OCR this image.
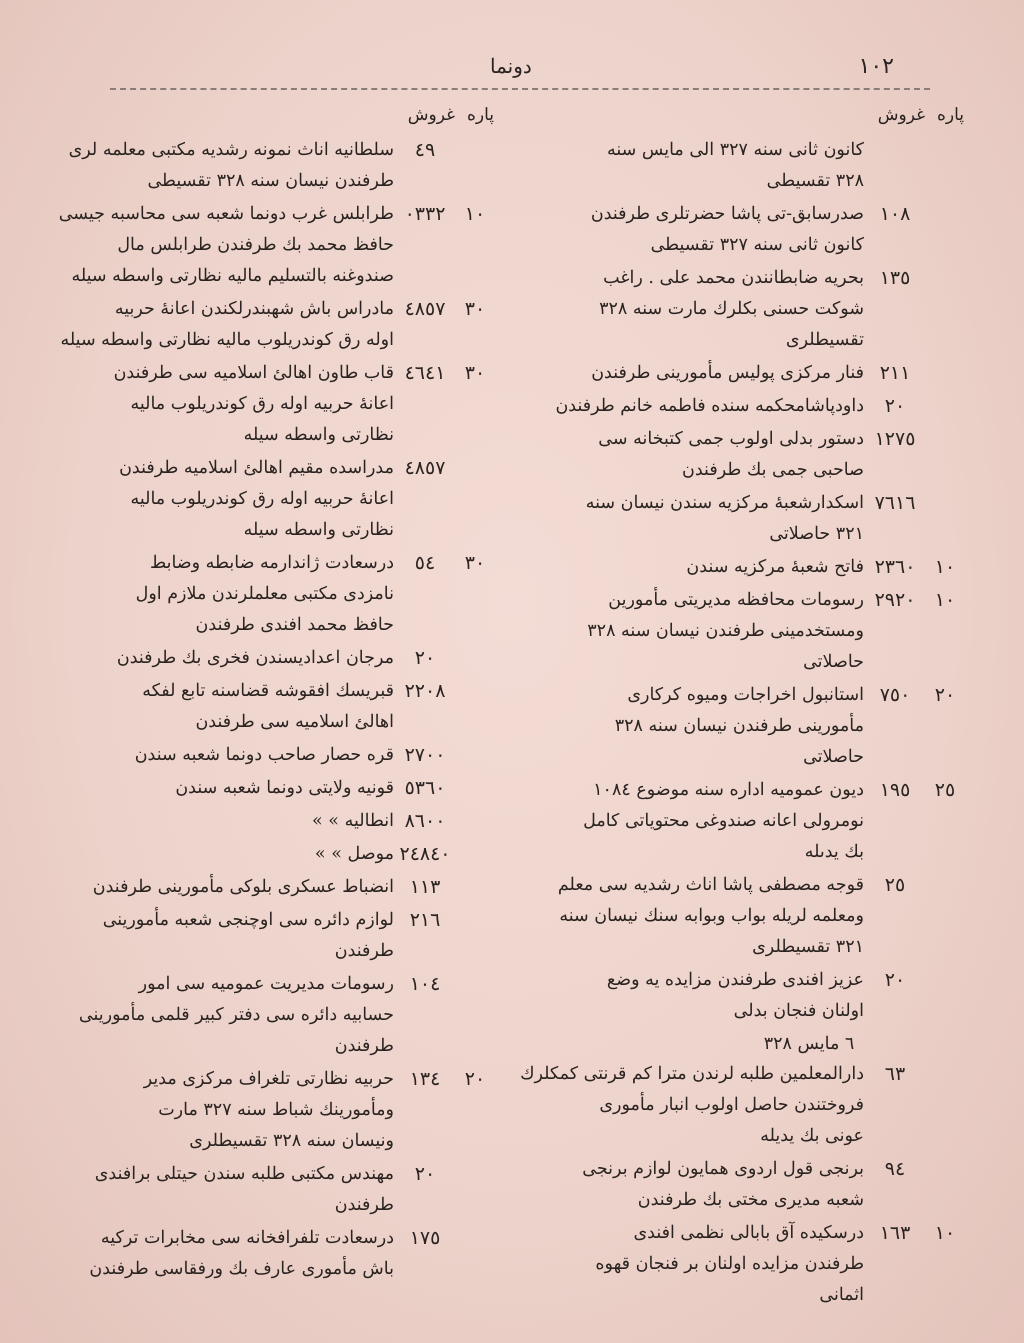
١٠٢
دونما
پاره
غروش
كانون ثانى سنه ٣٢٧ الى مايس سنه
٣٢٨ تقسيطى
١٠٨
صدرسابق-تى پاشا حضرتلرى طرفندن
كانون ثانى سنه ٣٢٧ تقسيطى
١٣٥
بحريه ضابطانندن محمد على . راغب
شوكت حسنى بكلرك مارت سنه ٣٢٨
تقسيطلرى
٢١١
فنار مركزى پوليس مأمورينى طرفندن
٢٠
داودپاشامحكمه سنده فاطمه خانم طرفندن
١٢٧٥
دستور بدلى اولوب جمى كتبخانه سى
صاحبى جمى بك طرفندن
٧٦١٦
اسكدارشعبهٔ مركزيه سندن نيسان سنه
٣٢١ حاصلاتى
١٠
٢٣٦٠
فاتح شعبهٔ مركزيه سندن
١٠
٢٩٢٠
رسومات محافظه مديريتى مأمورين
ومستخدمينى طرفندن نيسان سنه ٣٢٨
حاصلاتى
٢٠
٧٥٠
استانبول اخراجات وميوه كركارى
مأمورينى طرفندن نيسان سنه ٣٢٨
حاصلاتى
٢٥
١٩٥
ديون عموميه اداره سنه موضوع ١٠٨٤
نومرولى اعانه صندوغى محتوياتى كامل
بك يدىله
٢٥
قوجه مصطفى پاشا اناث رشديه سى معلم
ومعلمه لريله بواب وبوابه سنك نيسان سنه
٣٢١ تقسيطلرى
٢٠
عزيز افندى طرفندن مزايده يه وضع
اولنان فنجان بدلى
٦ مايس ٣٢٨
٦٣
دارالمعلمين طلبه لرندن مترا كم قرنتى كمكلرك
فروختندن حاصل اولوب انبار مأمورى
عونى بك يديله
٩٤
برنجى قول اردوى همايون لوازم برنجى
شعبه مديرى مختى بك طرفندن
١٠
١٦٣
درسكيده آق بابالى نظمى افندى
طرفندن مزايده اولنان بر فنجان قهوه
اثمانى
پاره
غروش
٤٩
سلطانيه اناث نمونه رشديه مكتبى معلمه لرى
طرفندن نيسان سنه ٣٢٨ تقسيطى
١٠
٠٣٣٢
طرابلس غرب دونما شعبه سى محاسبه جيسى
حافظ محمد بك طرفندن طرابلس مال
صندوغنه بالتسليم ماليه نظارتى واسطه سيله
٣٠
٤٨٥٧
مادراس باش شهبندرلكندن اعانهٔ حربيه
اوله رق كوندريلوب ماليه نظارتى واسطه سيله
٣٠
٤٦٤١
قاب طاون اهالئ اسلاميه سى طرفندن
اعانهٔ حربيه اوله رق كوندريلوب ماليه
نظارتى واسطه سيله
٤٨٥٧
مدراسده مقيم اهالئ اسلاميه طرفندن
اعانهٔ حربيه اوله رق كوندريلوب ماليه
نظارتى واسطه سيله
٣٠
٥٤
درسعادت ژاندارمه ضابطه وضابط
نامزدى مكتبى معلملرندن ملازم اول
حافظ محمد افندى طرفندن
٢٠
مرجان اعداديسندن فخرى بك طرفندن
٢٢٠٨
قبريسك افقوشه قضاسنه تابع لفكه
اهالئ اسلاميه سى طرفندن
٢٧٠٠
قره حصار صاحب دونما شعبه سندن
٥٣٦٠
قونيه ولايتى دونما شعبه سندن
٨٦٠٠
انطاليه » »
٢٤٨٤٠
موصل » »
١١٣
انضباط عسكرى بلوكى مأمورينى طرفندن
٢١٦
لوازم دائره سى اوچنجى شعبه مأمورينى
طرفندن
١٠٤
رسومات مديريت عموميه سى امور
حسابيه دائره سى دفتر كبير قلمى مأمورينى
طرفندن
٢٠
١٣٤
حربيه نظارتى تلغراف مركزى مدير
ومأمورينك شباط سنه ٣٢٧ مارت
ونيسان سنه ٣٢٨ تقسيطلرى
٢٠
مهندس مكتبى طلبه سندن حيتلى برافندى
طرفندن
١٧٥
درسعادت تلفرافخانه سى مخابرات تركيه
باش مأمورى عارف بك ورفقاسى طرفندن
